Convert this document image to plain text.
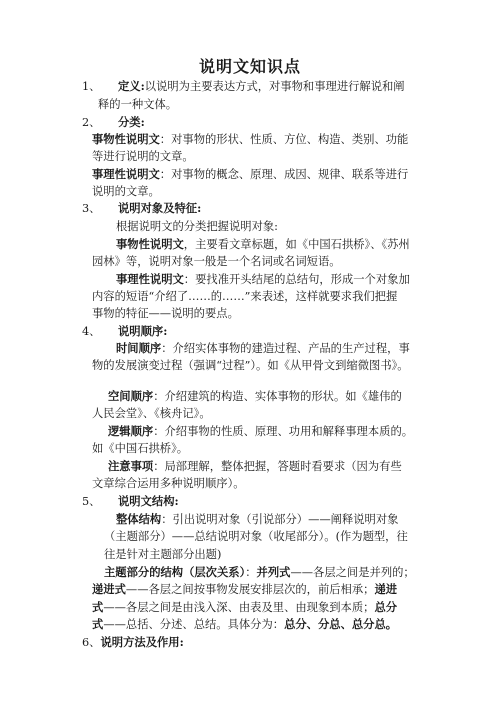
说明文知识点
1、 定义:以说明为主要表达方式，对事物和事理进行解说和阐
释的一种文体。
2、 分类:
事物性说明文：对事物的形状、性质、方位、构造、类别、功能
等进行说明的文章。
事理性说明文：对事物的概念、原理、成因、规律、联系等进行
说明的文章。
3、 说明对象及特征:
根据说明文的分类把握说明对象:
事物性说明文，主要看文章标题，如《中国石拱桥》、《苏州
园林》等，说明对象一般是一个名词或名词短语。
事理性说明文：要找准开头结尾的总结句，形成一个对象加
内容的短语“介绍了……的……”来表述，这样就要求我们把握
事物的特征——说明的要点。
4、 说明顺序:
时间顺序：介绍实体事物的建造过程、产品的生产过程，事
物的发展演变过程（强调“过程”）。如《从甲骨文到缩微图书》。
空间顺序：介绍建筑的构造、实体事物的形状。如《雄伟的
人民会堂》、《核舟记》。
逻辑顺序：介绍事物的性质、原理、功用和解释事理本质的。
如《中国石拱桥》。
注意事项：局部理解，整体把握，答题时看要求（因为有些
文章综合运用多种说明顺序）。
5、 说明文结构:
整体结构：引出说明对象（引说部分）——阐释说明对象
（主题部分）——总结说明对象（收尾部分）。(作为题型，往
往是针对主题部分出题)
主题部分的结构（层次关系）：并列式——各层之间是并列的；
递进式——各层之间按事物发展安排层次的，前后相承；递进
式——各层之间是由浅入深、由表及里、由现象到本质；总分
式——总括、分述、总结。具体分为：总分、分总、总分总。
6、说明方法及作用:
